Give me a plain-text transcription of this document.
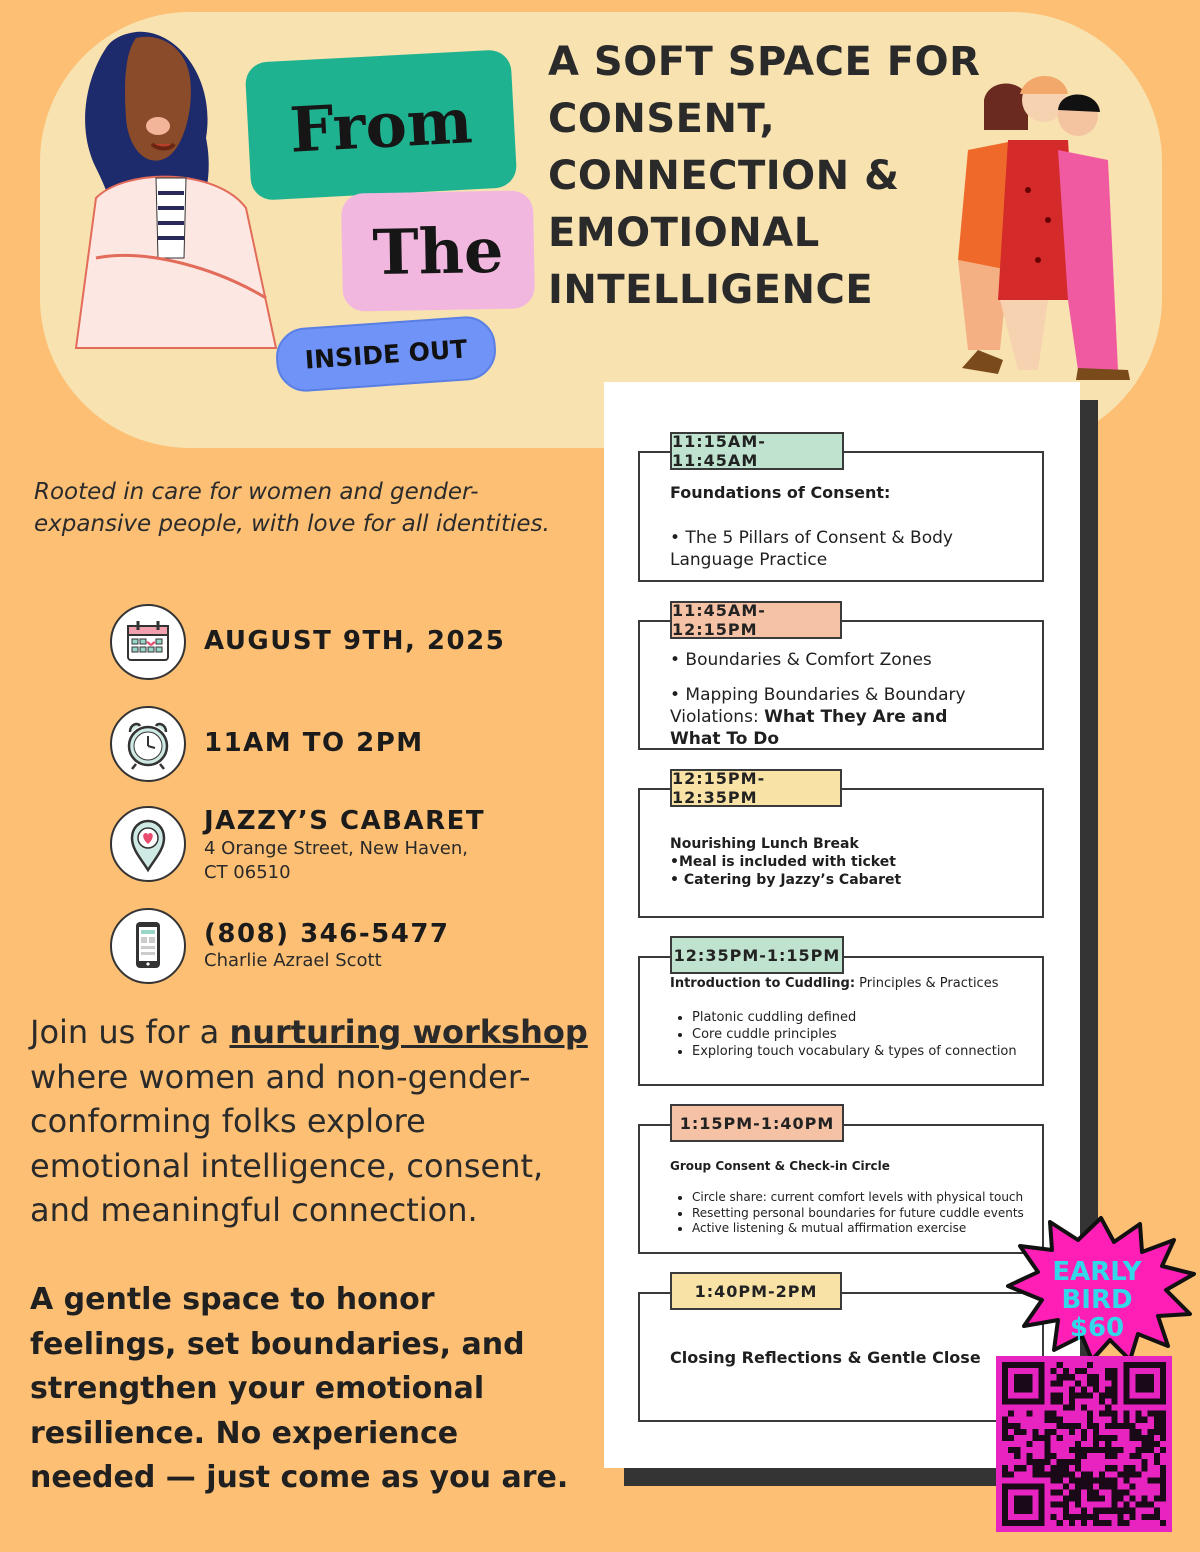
From
The
INSIDE OUT
A SOFT SPACE FOR
CONSENT,
CONNECTION &
EMOTIONAL
INTELLIGENCE
Rooted in care for women and gender-expansive people, with love for all identities.
AUGUST 9TH, 2025
11AM TO 2PM
JAZZY’S CABARET
4 Orange Street, New Haven,
CT 06510
(808) 346-5477
Charlie Azrael Scott
Join us for a nurturing workshop where women and non-gender-conforming folks explore emotional intelligence, consent, and meaningful connection.
A gentle space to honor feelings, set boundaries, and strengthen your emotional resilience. No experience needed — just come as you are.
11:15AM-11:45AM
Foundations of Consent:
• The 5 Pillars of Consent & Body Language Practice
11:45AM-12:15PM
• Boundaries & Comfort Zones
• Mapping Boundaries & Boundary Violations: What They Are and What To Do
12:15PM-12:35PM
Nourishing Lunch Break
•Meal is included with ticket
• Catering by Jazzy’s Cabaret
12:35PM-1:15PM
Introduction to Cuddling: Principles & Practices
• Platonic cuddling defined
• Core cuddle principles
• Exploring touch vocabulary & types of connection
1:15PM-1:40PM
Group Consent & Check-in Circle
• Circle share: current comfort levels with physical touch
• Resetting personal boundaries for future cuddle events
• Active listening & mutual affirmation exercise
1:40PM-2PM
Closing Reflections & Gentle Close
EARLY BIRD
$60
